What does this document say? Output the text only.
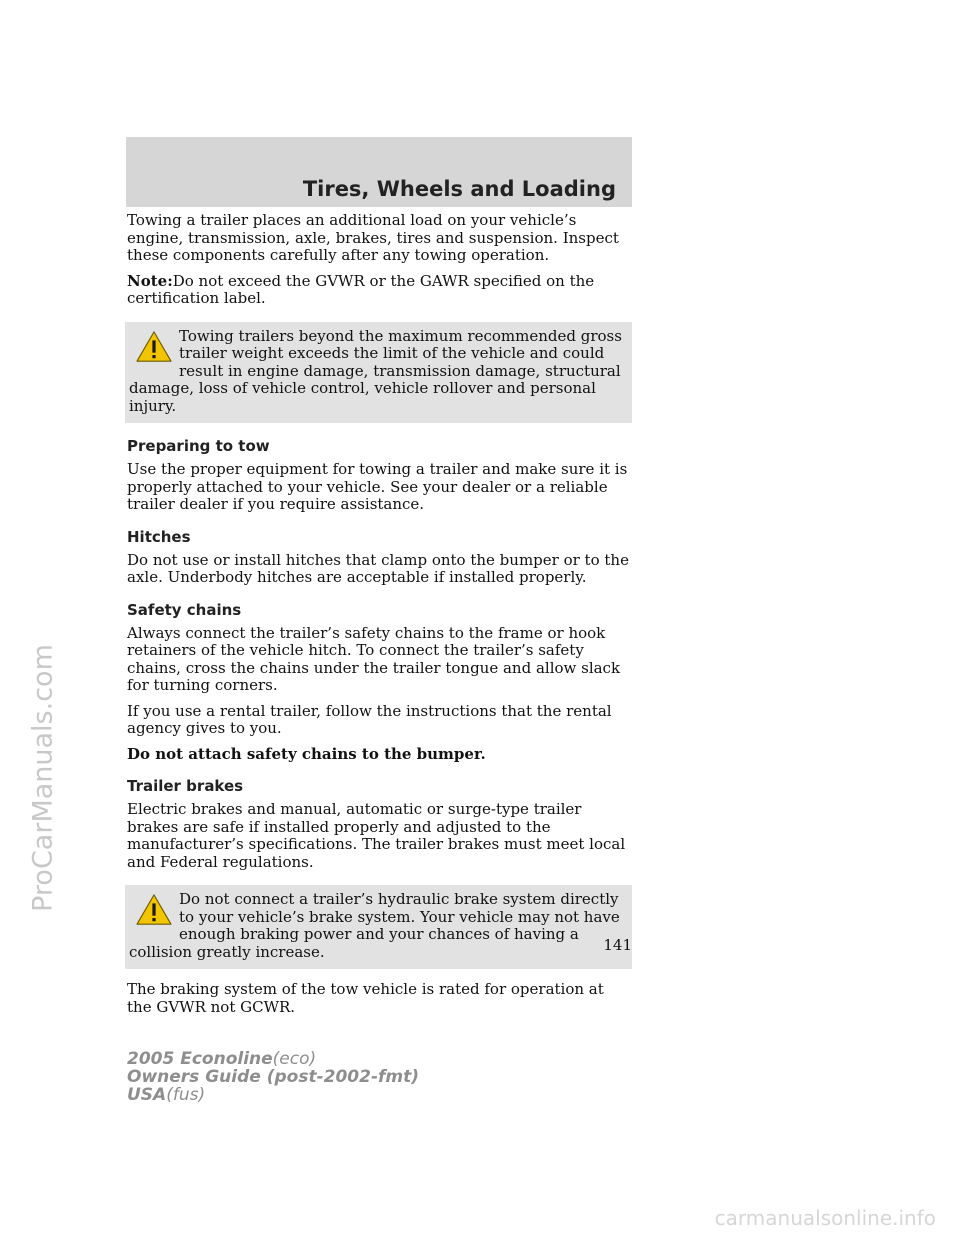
Tires, Wheels and Loading

Towing a trailer places an additional load on your vehicle’s engine, transmission, axle, brakes, tires and suspension. Inspect these components carefully after any towing operation.

Note:Do not exceed the GVWR or the GAWR specified on the certification label.

Towing trailers beyond the maximum recommended gross trailer weight exceeds the limit of the vehicle and could result in engine damage, transmission damage, structural damage, loss of vehicle control, vehicle rollover and personal injury.

Preparing to tow

Use the proper equipment for towing a trailer and make sure it is properly attached to your vehicle. See your dealer or a reliable trailer dealer if you require assistance.

Hitches

Do not use or install hitches that clamp onto the bumper or to the axle. Underbody hitches are acceptable if installed properly.

Safety chains

Always connect the trailer’s safety chains to the frame or hook retainers of the vehicle hitch. To connect the trailer’s safety chains, cross the chains under the trailer tongue and allow slack for turning corners.

If you use a rental trailer, follow the instructions that the rental agency gives to you.

Do not attach safety chains to the bumper.

Trailer brakes

Electric brakes and manual, automatic or surge-type trailer brakes are safe if installed properly and adjusted to the manufacturer’s specifications. The trailer brakes must meet local and Federal regulations.

Do not connect a trailer’s hydraulic brake system directly to your vehicle’s brake system. Your vehicle may not have enough braking power and your chances of having a collision greatly increase.

The braking system of the tow vehicle is rated for operation at the GVWR not GCWR.

141

2005 Econoline(eco)
Owners Guide (post-2002-fmt)
USA(fus)
ProCarManuals.com
carmanualsonline.info
